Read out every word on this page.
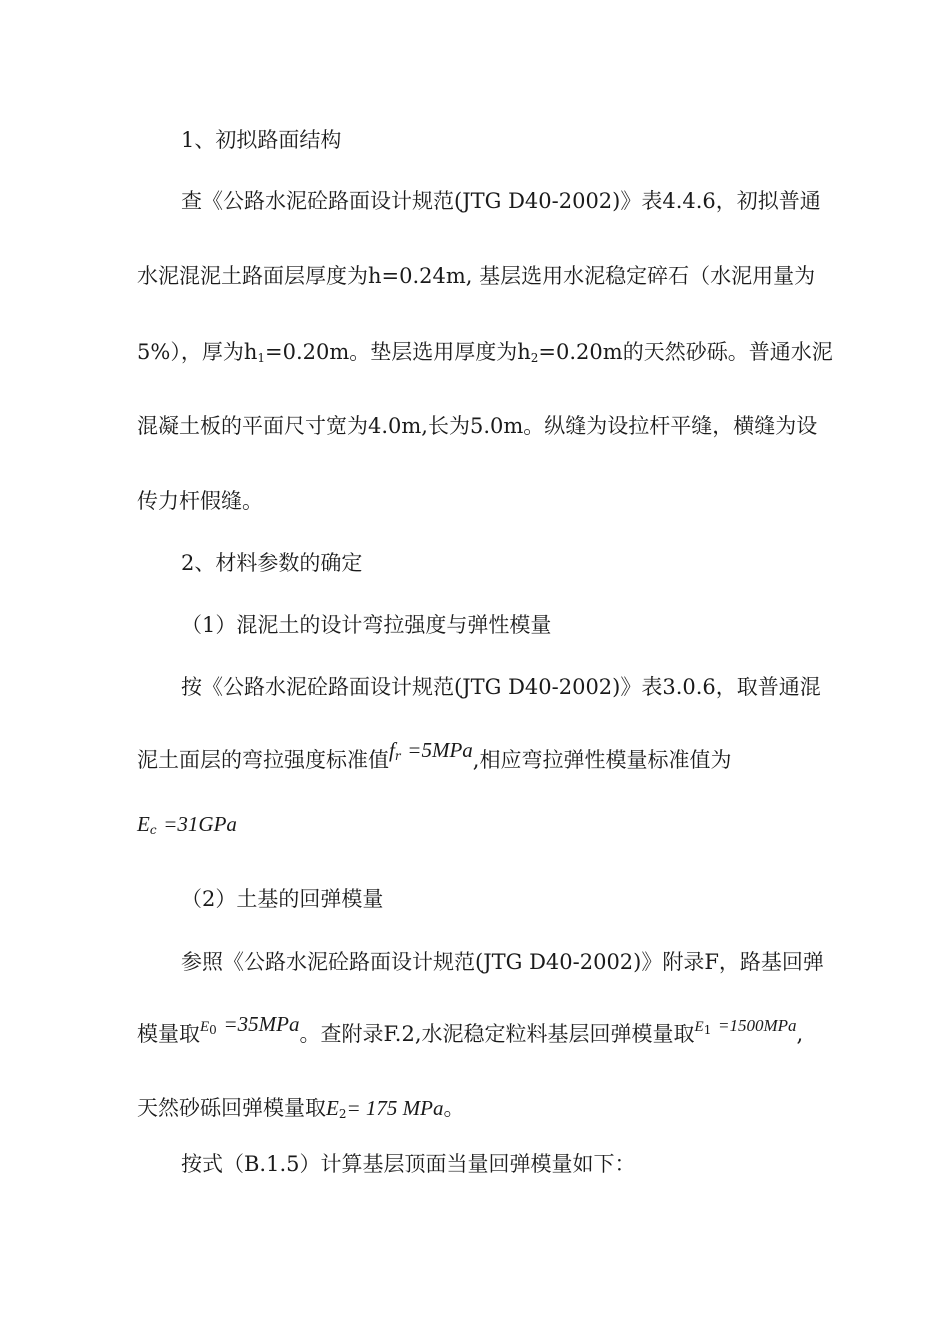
1、初拟路面结构
查《公路水泥砼路面设计规范(JTG D40-2002)》表4.4.6，初拟普通
水泥混泥土路面层厚度为h=0.24m, 基层选用水泥稳定碎石（水泥用量为
5%），厚为$h_1=0.20m$。垫层选用厚度为$h_2=0.20m$的天然砂砾。普通水泥
混凝土板的平面尺寸宽为4.0m,长为5.0m。纵缝为设拉杆平缝，横缝为设
传力杆假缝。
2、材料参数的确定
（1）混泥土的设计弯拉强度与弹性模量
按《公路水泥砼路面设计规范(JTG D40-2002)》表3.0.6，取普通混
泥土面层的弯拉强度标准值$f_r =5MPa$,相应弯拉弹性模量标准值为
$E_c =31GPa$
（2）土基的回弹模量
参照《公路水泥砼路面设计规范(JTG D40-2002)》附录F，路基回弹
模量取$E_0 =35MPa$。查附录F.2,水泥稳定粒料基层回弹模量取$E_1 =1500MPa$,
天然砂砾回弹模量取$E_2= 175$ MPa。
按式（B.1.5）计算基层顶面当量回弹模量如下：
